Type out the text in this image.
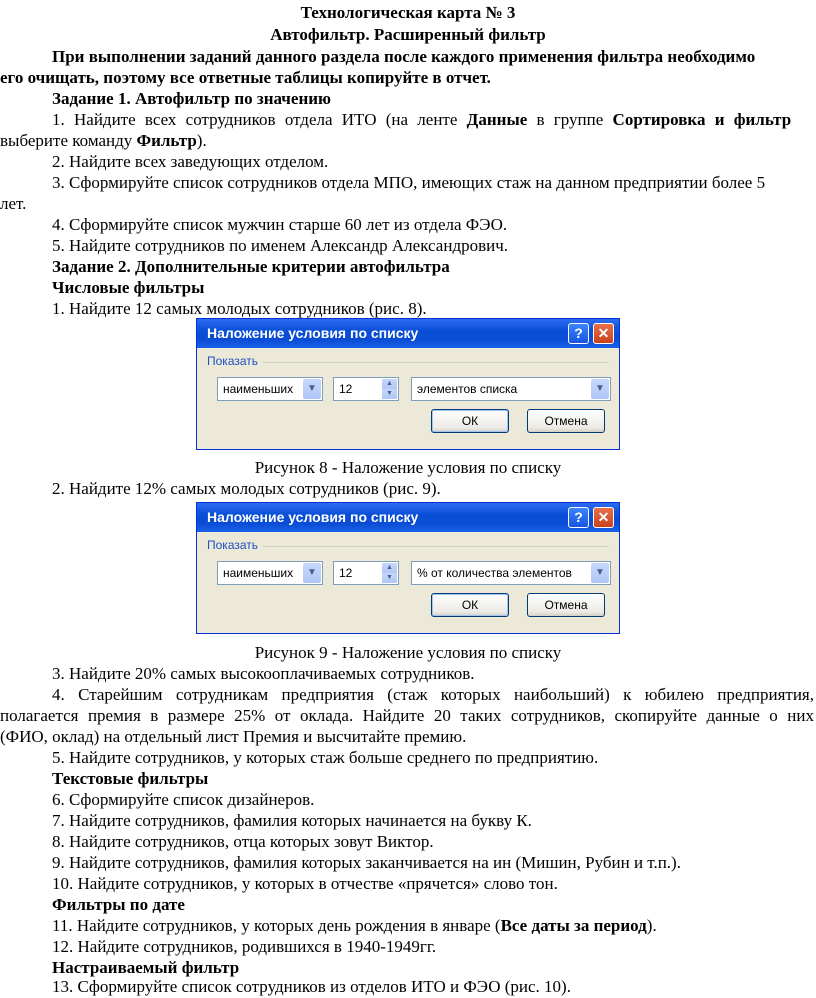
Технологическая карта № 3
Автофильтр. Расширенный фильтр
При выполнении заданий данного раздела после каждого применения фильтра необходимо
его очищать, поэтому все ответные таблицы копируйте в отчет.
Задание 1. Автофильтр по значению
1. Найдите всех сотрудников отдела ИТО (на ленте Данные в группе Сортировка и фильтр
выберите команду Фильтр).
2. Найдите всех заведующих отделом.
3. Сформируйте список сотрудников отдела МПО, имеющих стаж на данном предприятии более 5
лет.
4. Сформируйте список мужчин старше 60 лет из отдела ФЭО.
5. Найдите сотрудников по именем Александр Александрович.
Задание 2. Дополнительные критерии автофильтра
Числовые фильтры
1. Найдите 12 самых молодых сотрудников (рис. 8).
Наложение условия по списку	?	✕
Показать
наименьших	▼	12	▲
▼	элементов списка	▼
ОК	Отмена
Рисунок 8 - Наложение условия по списку
2. Найдите 12% самых молодых сотрудников (рис. 9).
Наложение условия по списку	?	✕
Показать
наименьших	▼	12	▲
▼	% от количества элементов	▼
ОК	Отмена
Рисунок 9 - Наложение условия по списку
3. Найдите 20% самых высокооплачиваемых сотрудников.
4. Старейшим сотрудникам предприятия (стаж которых наибольший) к юбилею предприятия,
полагается премия в размере 25% от оклада. Найдите 20 таких сотрудников, скопируйте данные о них
(ФИО, оклад) на отдельный лист Премия и высчитайте премию.
5. Найдите сотрудников, у которых стаж больше среднего по предприятию.
Текстовые фильтры
6. Сформируйте список дизайнеров.
7. Найдите сотрудников, фамилия которых начинается на букву К.
8. Найдите сотрудников, отца которых зовут Виктор.
9. Найдите сотрудников, фамилия которых заканчивается на ин (Мишин, Рубин и т.п.).
10. Найдите сотрудников, у которых в отчестве «прячется» слово тон.
Фильтры по дате
11. Найдите сотрудников, у которых день рождения в январе (Все даты за период).
12. Найдите сотрудников, родившихся в 1940-1949гг.
Настраиваемый фильтр
13. Сформируйте список сотрудников из отделов ИТО и ФЭО (рис. 10).
